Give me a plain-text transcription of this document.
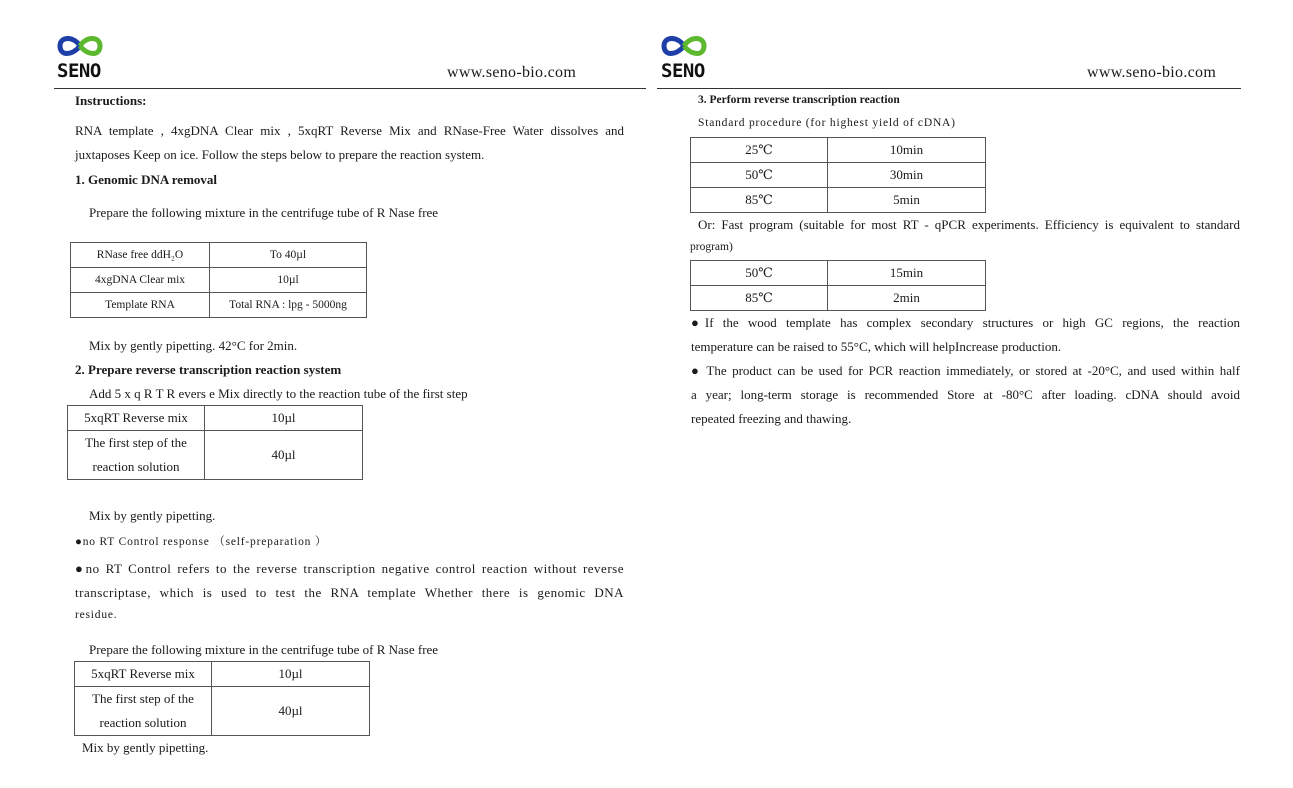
SENO	www.seno-bio.com
Instructions:
RNA template , 4xgDNA Clear mix , 5xqRT Reverse Mix and RNase-Free Water dissolves and
juxtaposes Keep on ice. Follow the steps below to prepare the reaction system.
1. Genomic DNA removal
Prepare the following mixture in the centrifuge tube of R Nase free
RNase free ddH₂O	To 40µl
4xgDNA Clear mix	10µl
Template RNA	Total RNA : lpg - 5000ng
Mix by gently pipetting. 42°C for 2min.
2. Prepare reverse transcription reaction system
Add 5 x q R T R evers e Mix directly to the reaction tube of the first step
5xqRT Reverse mix	10µl

The first step of the
reaction solution	40µl
Mix by gently pipetting.
●no RT Control response （self-preparation ）
●no RT Control refers to the reverse transcription negative control reaction without reverse
transcriptase, which is used to test the RNA template Whether there is genomic DNA
residue.
Prepare the following mixture in the centrifuge tube of R Nase free
5xqRT Reverse mix	10µl

The first step of the
reaction solution	40µl
Mix by gently pipetting.
SENO	www.seno-bio.com
3. Perform reverse transcription reaction
Standard procedure (for highest yield of cDNA)
25℃	10min
50℃	30min
85℃	5min
Or: Fast program (suitable for most RT - qPCR experiments. Efficiency is equivalent to standard
program)
50℃	15min
85℃	2min
●If the wood template has complex secondary structures or high GC regions, the reaction
temperature can be raised to 55°C, which will helpIncrease production.
● The product can be used for PCR reaction immediately, or stored at -20°C, and used within half
a year; long-term storage is recommended Store at -80°C after loading. cDNA should avoid
repeated freezing and thawing.
